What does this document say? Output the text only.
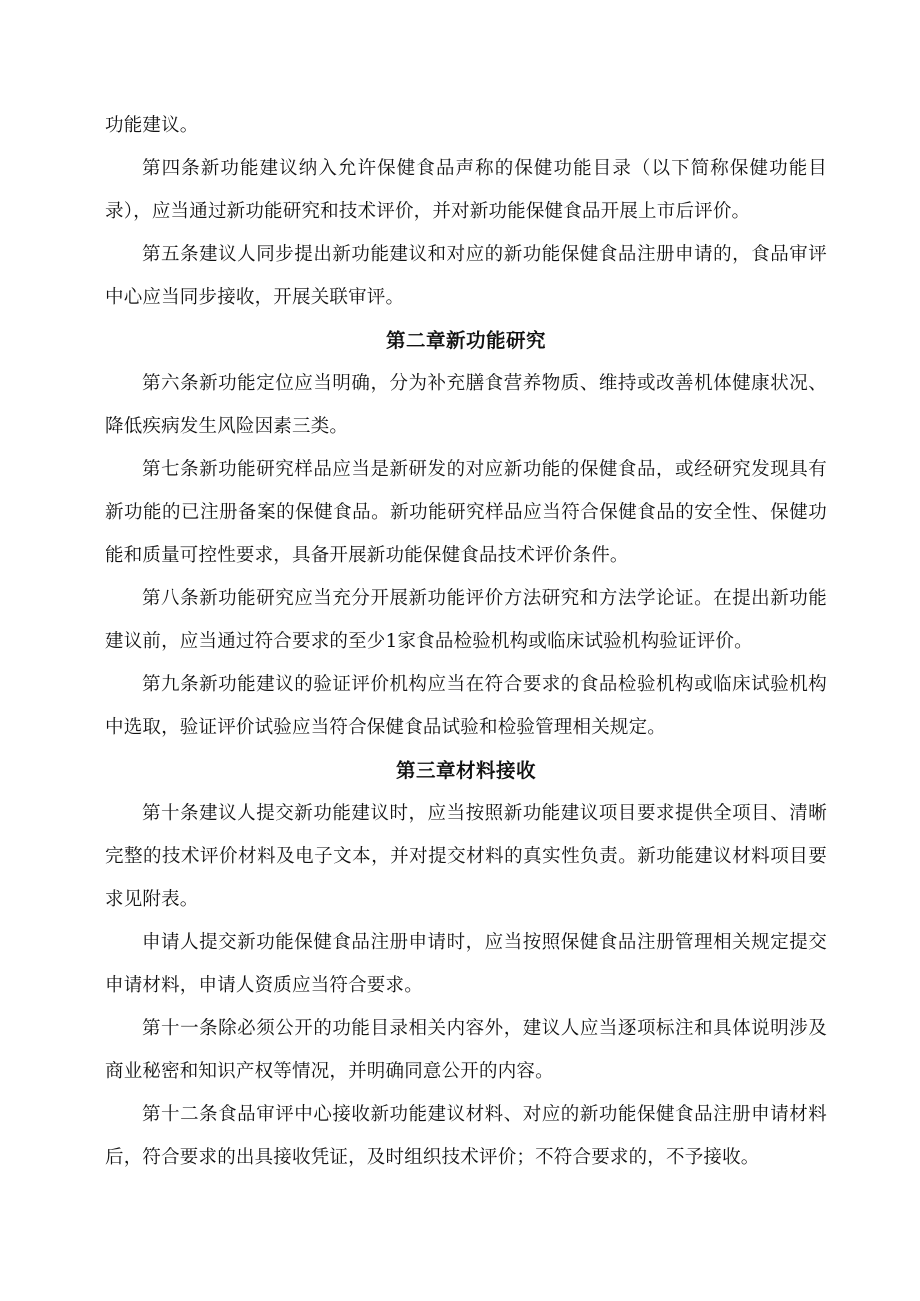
功能建议。

第四条新功能建议纳入允许保健食品声称的保健功能目录（以下简称保健功能目录），应当通过新功能研究和技术评价，并对新功能保健食品开展上市后评价。

第五条建议人同步提出新功能建议和对应的新功能保健食品注册申请的，食品审评中心应当同步接收，开展关联审评。

第二章新功能研究

第六条新功能定位应当明确，分为补充膳食营养物质、维持或改善机体健康状况、降低疾病发生风险因素三类。

第七条新功能研究样品应当是新研发的对应新功能的保健食品，或经研究发现具有新功能的已注册备案的保健食品。新功能研究样品应当符合保健食品的安全性、保健功能和质量可控性要求，具备开展新功能保健食品技术评价条件。

第八条新功能研究应当充分开展新功能评价方法研究和方法学论证。在提出新功能建议前，应当通过符合要求的至少1家食品检验机构或临床试验机构验证评价。

第九条新功能建议的验证评价机构应当在符合要求的食品检验机构或临床试验机构中选取，验证评价试验应当符合保健食品试验和检验管理相关规定。

第三章材料接收

第十条建议人提交新功能建议时，应当按照新功能建议项目要求提供全项目、清晰完整的技术评价材料及电子文本，并对提交材料的真实性负责。新功能建议材料项目要求见附表。

申请人提交新功能保健食品注册申请时，应当按照保健食品注册管理相关规定提交申请材料，申请人资质应当符合要求。

第十一条除必须公开的功能目录相关内容外，建议人应当逐项标注和具体说明涉及商业秘密和知识产权等情况，并明确同意公开的内容。

第十二条食品审评中心接收新功能建议材料、对应的新功能保健食品注册申请材料后，符合要求的出具接收凭证，及时组织技术评价；不符合要求的，不予接收。
